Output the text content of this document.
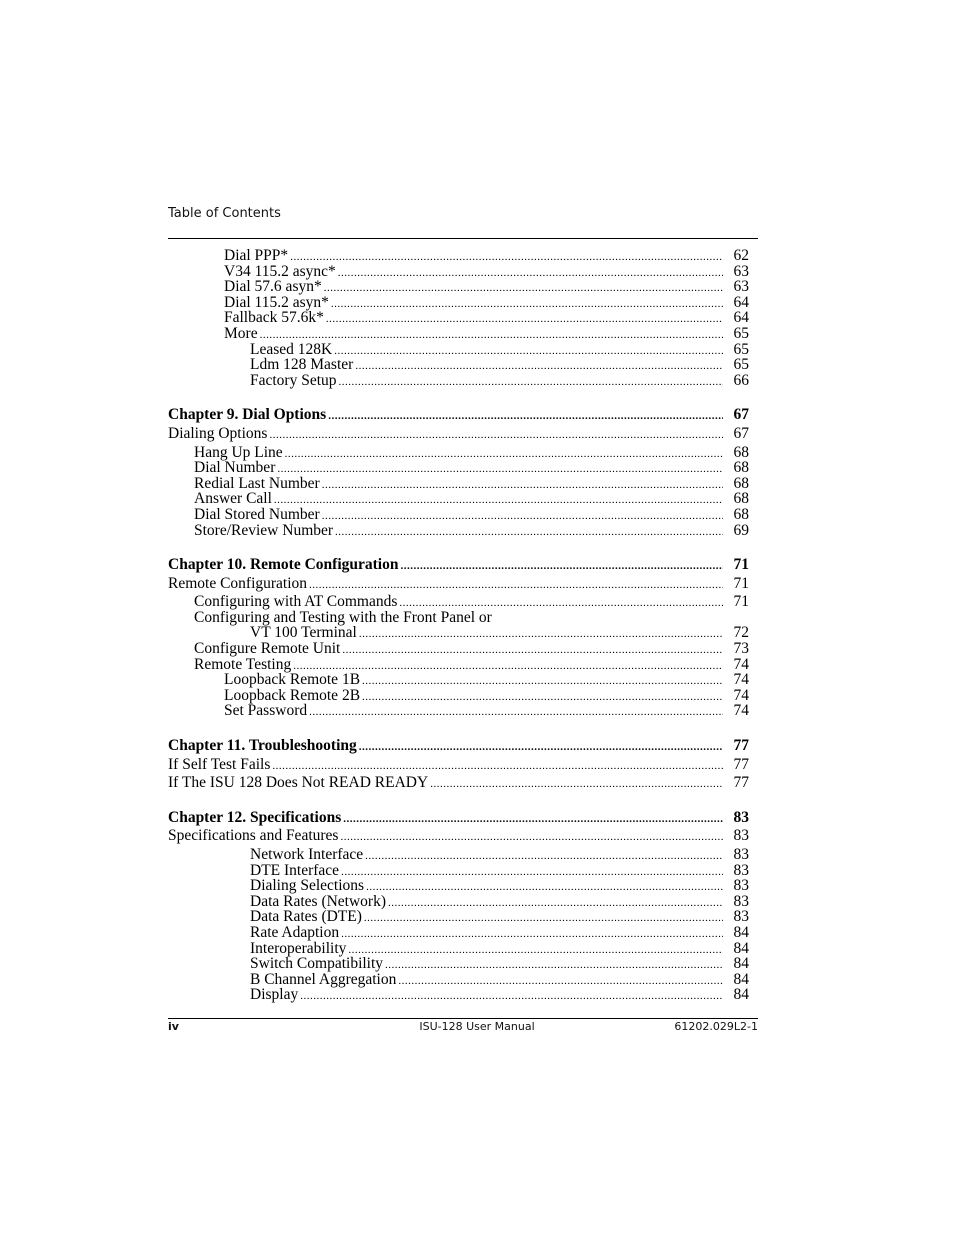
Table of Contents
Dial PPP* .....	62
V34 115.2 async* .....	63
Dial 57.6 asyn* .....	63
Dial 115.2 asyn* .....	64
Fallback 57.6k* .....	64
More .....	65
Leased 128K .....	65
Ldm 128 Master .....	65
Factory Setup .....	66
Chapter 9. Dial Options .....	67
Dialing Options .....	67
Hang Up Line .....	68
Dial Number .....	68
Redial Last Number .....	68
Answer Call .....	68
Dial Stored Number .....	68
Store/Review Number .....	69
Chapter 10. Remote Configuration .....	71
Remote Configuration .....	71
Configuring with AT Commands .....	71
Configuring and Testing with the Front Panel or
VT 100 Terminal .....	72
Configure Remote Unit .....	73
Remote Testing .....	74
Loopback Remote 1B .....	74
Loopback Remote 2B .....	74
Set Password .....	74
Chapter 11. Troubleshooting .....	77
If Self Test Fails .....	77
If The ISU 128 Does Not READ READY .....	77
Chapter 12. Specifications .....	83
Specifications and Features .....	83
Network Interface .....	83
DTE Interface .....	83
Dialing Selections .....	83
Data Rates (Network) .....	83
Data Rates (DTE) .....	83
Rate Adaption .....	84
Interoperability .....	84
Switch Compatibility .....	84
B Channel Aggregation .....	84
Display .....	84
iv	ISU-128 User Manual	61202.029L2-1
